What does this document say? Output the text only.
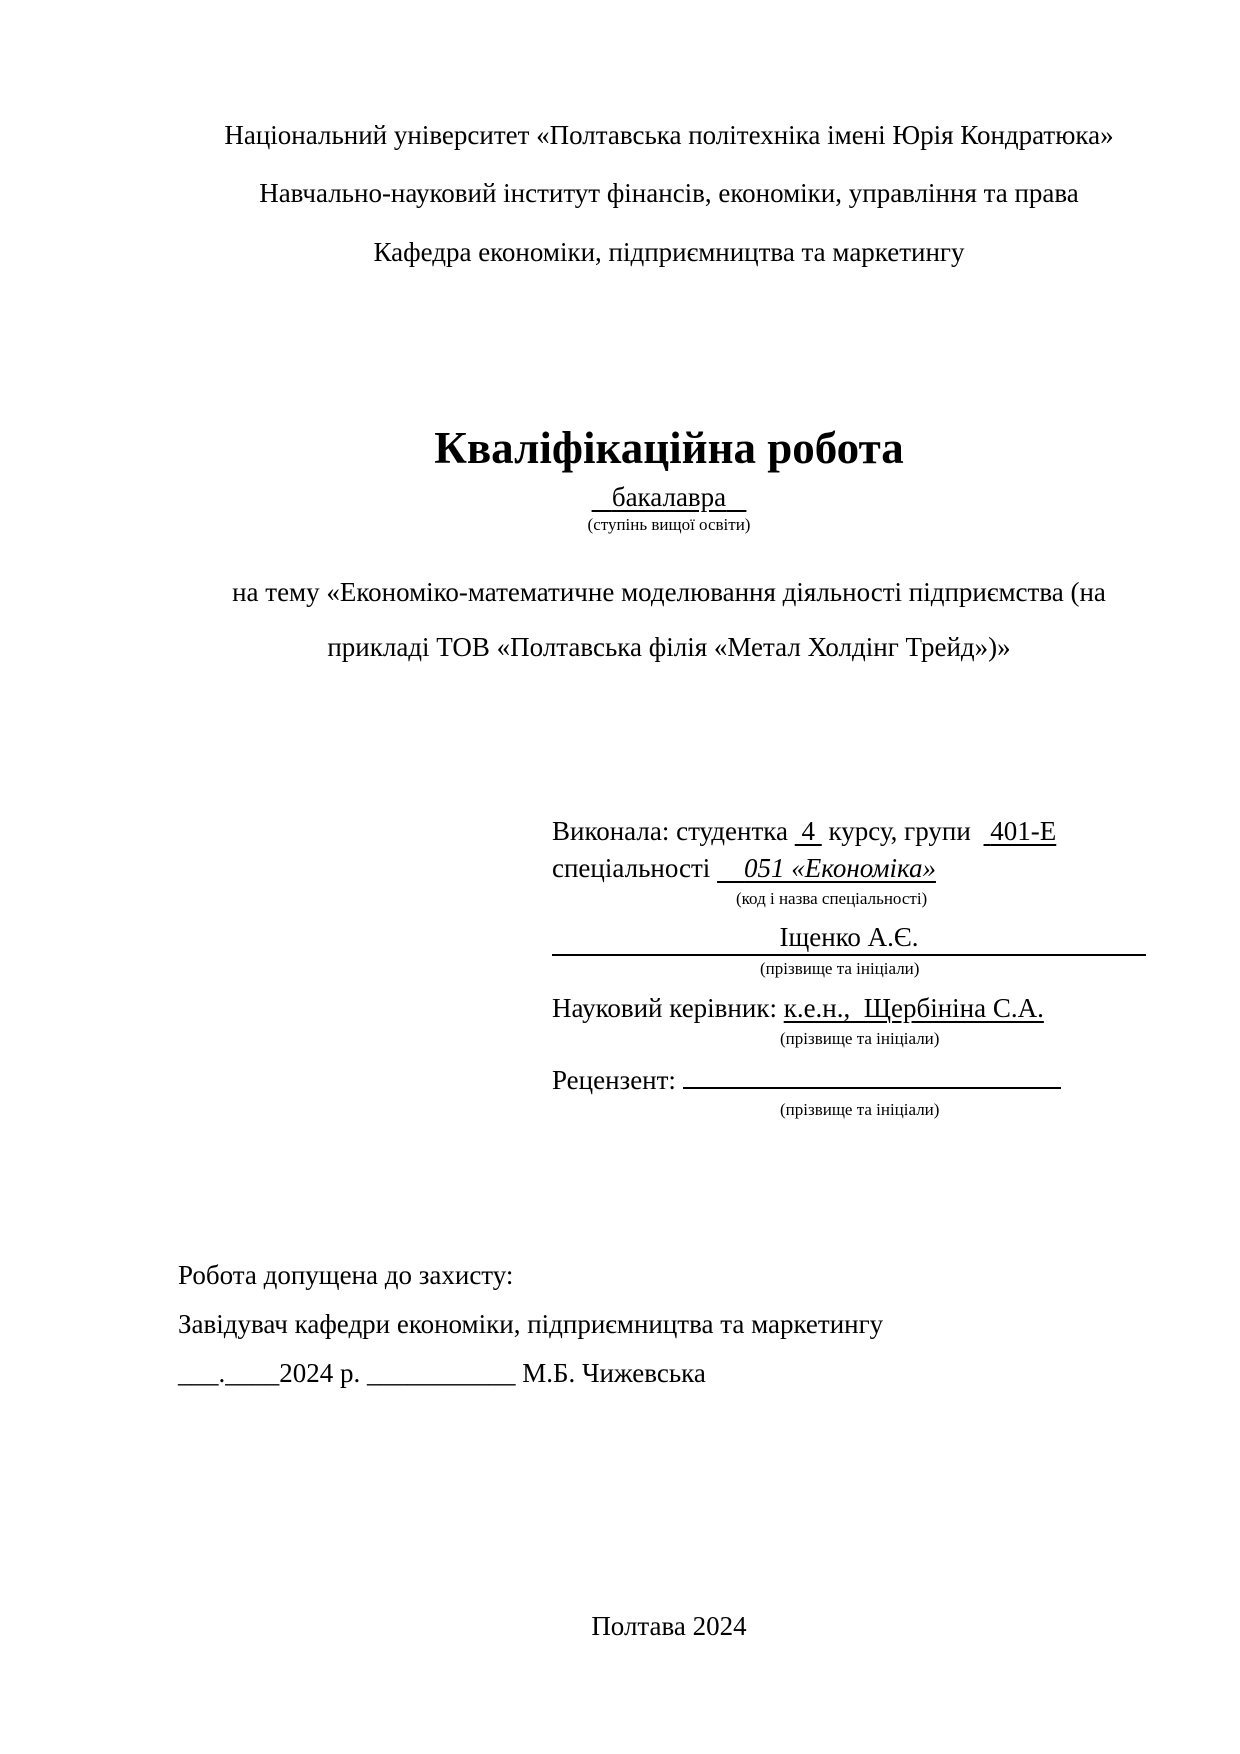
Національний університет «Полтавська політехніка імені Юрія Кондратюка»
Навчально-науковий інститут фінансів, економіки, управління та права
Кафедра економіки, підприємництва та маркетингу
Кваліфікаційна робота
бакалавра
(ступінь вищої освіти)
на тему «Економіко-математичне моделювання діяльності підприємства (на
прикладі ТОВ «Полтавська філія «Метал Холдінг Трейд»)»
Виконала: студентка 4 курсу, групи 401-Е
спеціальності 051 «Економіка»
(код і назва спеціальності)
Іщенко А.Є.
(прізвище та ініціали)
Науковий керівник: к.е.н.,  Щербініна С.А.
(прізвище та ініціали)
Рецензент:
(прізвище та ініціали)
Робота допущена до захисту:
Завідувач кафедри економіки, підприємництва та маркетингу
___.____2024 р. ___________ М.Б. Чижевська
Полтава 2024
